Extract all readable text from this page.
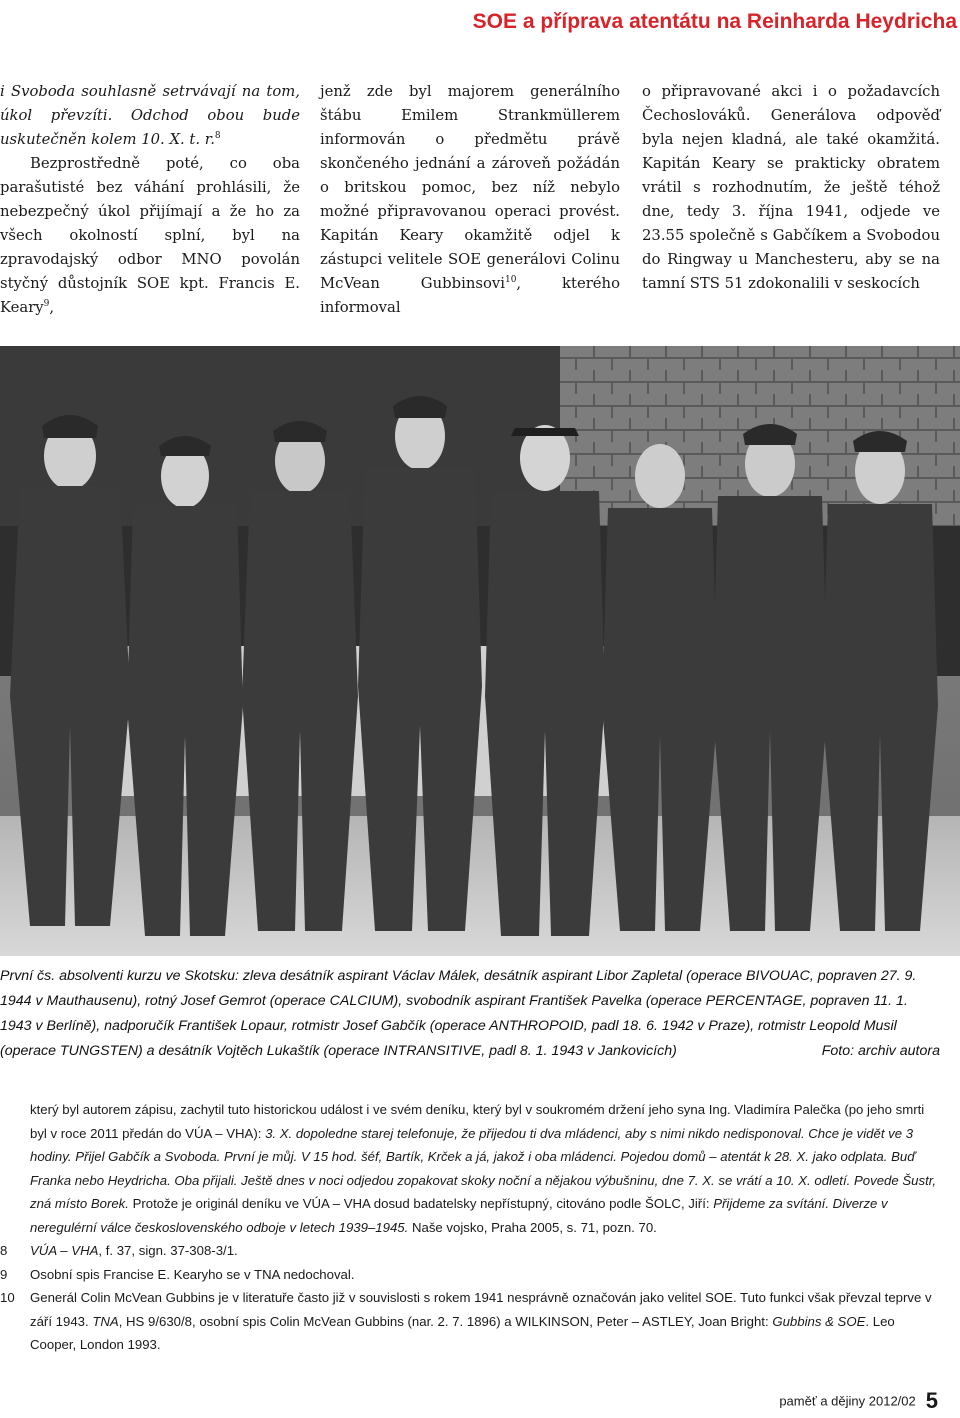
SOE a příprava atentátu na Reinharda Heydricha

i Svoboda souhlasně setrvávají na tom, úkol převzíti. Odchod obou bude uskutečněn kolem 10. X. t. r.$^8$
Bezprostředně poté, co oba parašutisté bez váhání prohlásili, že nebezpečný úkol přijímají a že ho za všech okolností splní, byl na zpravodajský odbor MNO povolán styčný důstojník SOE kpt. Francis E. Keary$^9$,

jenž zde byl majorem generálního štábu Emilem Strankmüllerem informován o předmětu právě skončeného jednání a zároveň požádán o britskou pomoc, bez níž nebylo možné připravovanou operaci provést. Kapitán Keary okamžitě odjel k zástupci velitele SOE generálovi Colinu McVean Gubbinsovi$^{10}$, kterého informoval

o připravované akci i o požadavcích Čechoslováků. Generálova odpověď byla nejen kladná, ale také okamžitá. Kapitán Keary se prakticky obratem vrátil s rozhodnutím, že ještě téhož dne, tedy 3. října 1941, odjede ve 23.55 společně s Gabčíkem a Svobodou do Ringway u Manchesteru, aby se na tamní STS 51 zdokonalili v seskocích

První čs. absolventi kurzu ve Skotsku: zleva desátník aspirant Václav Málek, desátník aspirant Libor Zapletal (operace BIVOUAC, popraven 27. 9. 1944 v Mauthausenu), rotný Josef Gemrot (operace CALCIUM), svobodník aspirant František Pavelka (operace PERCENTAGE, popraven 11. 1. 1943 v Berlíně), nadporučík František Lopaur, rotmistr Josef Gabčík (operace ANTHROPOID, padl 18. 6. 1942 v Praze), rotmistr Leopold Musil (operace TUNGSTEN) a desátník Vojtěch Lukaštík (operace INTRANSITIVE, padl 8. 1. 1943 v Jankovicích)	Foto: archiv autora
který byl autorem zápisu, zachytil tuto historickou událost i ve svém deníku, který byl v soukromém držení jeho syna Ing. Vladimíra Palečka (po jeho smrti byl v roce 2011 předán do VÚA – VHA): 3. X. dopoledne starej telefonuje, že přijedou ti dva mládenci, aby s nimi nikdo nedisponoval. Chce je vidět ve 3 hodiny. Přijel Gabčík a Svoboda. První je můj. V 15 hod. šéf, Bartík, Krček a já, jakož i oba mládenci. Pojedou domů – atentát k 28. X. jako odplata. Buď Franka nebo Heydricha. Oba přijali. Ještě dnes v noci odjedou zopakovat skoky noční a nějakou výbušninu, dne 7. X. se vrátí a 10. X. odletí. Povede Šustr, zná místo Borek. Protože je originál deníku ve VÚA – VHA dosud badatelsky nepřístupný, citováno podle ŠOLC, Jiří: Přijdeme za svítání. Diverze v neregulérní válce československého odboje v letech 1939–1945. Naše vojsko, Praha 2005, s. 71, pozn. 70.
8 VÚA – VHA, f. 37, sign. 37-308-3/1.
9 Osobní spis Francise E. Kearyho se v TNA nedochoval.
10 Generál Colin McVean Gubbins je v literatuře často již v souvislosti s rokem 1941 nesprávně označován jako velitel SOE. Tuto funkci však převzal teprve v září 1943. TNA, HS 9/630/8, osobní spis Colin McVean Gubbins (nar. 2. 7. 1896) a WILKINSON, Peter – ASTLEY, Joan Bright: Gubbins & SOE. Leo Cooper, London 1993.
paměť a dějiny 2012/02 5
